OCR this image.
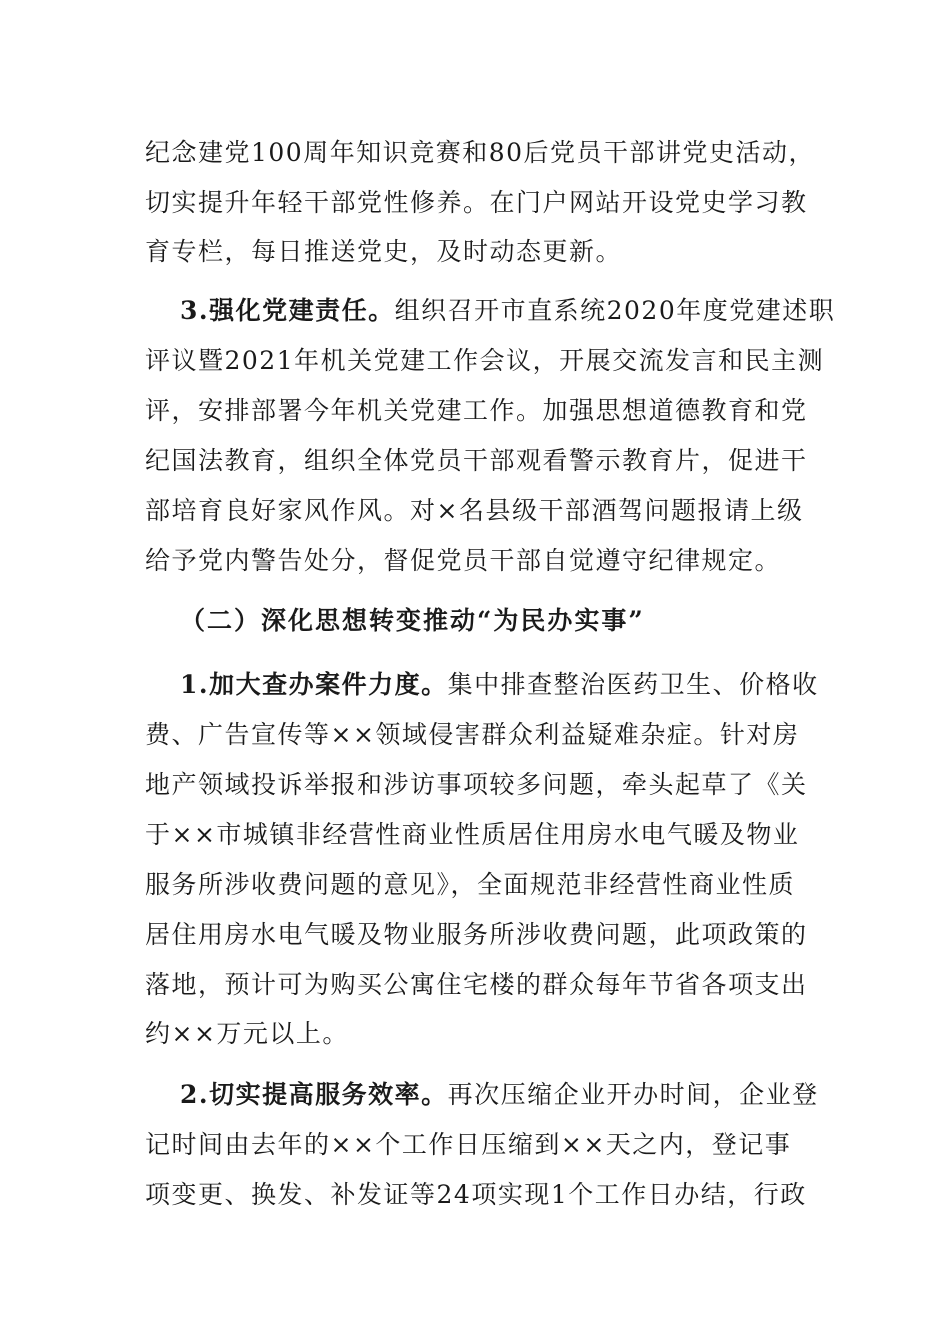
纪念建党100周年知识竞赛和80后党员干部讲党史活动，
切实提升年轻干部党性修养。在门户网站开设党史学习教
育专栏，每日推送党史，及时动态更新。
3.强化党建责任。组织召开市直系统2020年度党建述职
评议暨2021年机关党建工作会议，开展交流发言和民主测
评，安排部署今年机关党建工作。加强思想道德教育和党
纪国法教育，组织全体党员干部观看警示教育片，促进干
部培育良好家风作风。对×名县级干部酒驾问题报请上级
给予党内警告处分，督促党员干部自觉遵守纪律规定。
（二）深化思想转变推动“为民办实事”
1.加大查办案件力度。集中排查整治医药卫生、价格收
费、广告宣传等××领域侵害群众利益疑难杂症。针对房
地产领域投诉举报和涉访事项较多问题，牵头起草了《关
于××市城镇非经营性商业性质居住用房水电气暖及物业
服务所涉收费问题的意见》，全面规范非经营性商业性质
居住用房水电气暖及物业服务所涉收费问题，此项政策的
落地，预计可为购买公寓住宅楼的群众每年节省各项支出
约××万元以上。
2.切实提高服务效率。再次压缩企业开办时间，企业登
记时间由去年的××个工作日压缩到××天之内，登记事
项变更、换发、补发证等24项实现1个工作日办结，行政
